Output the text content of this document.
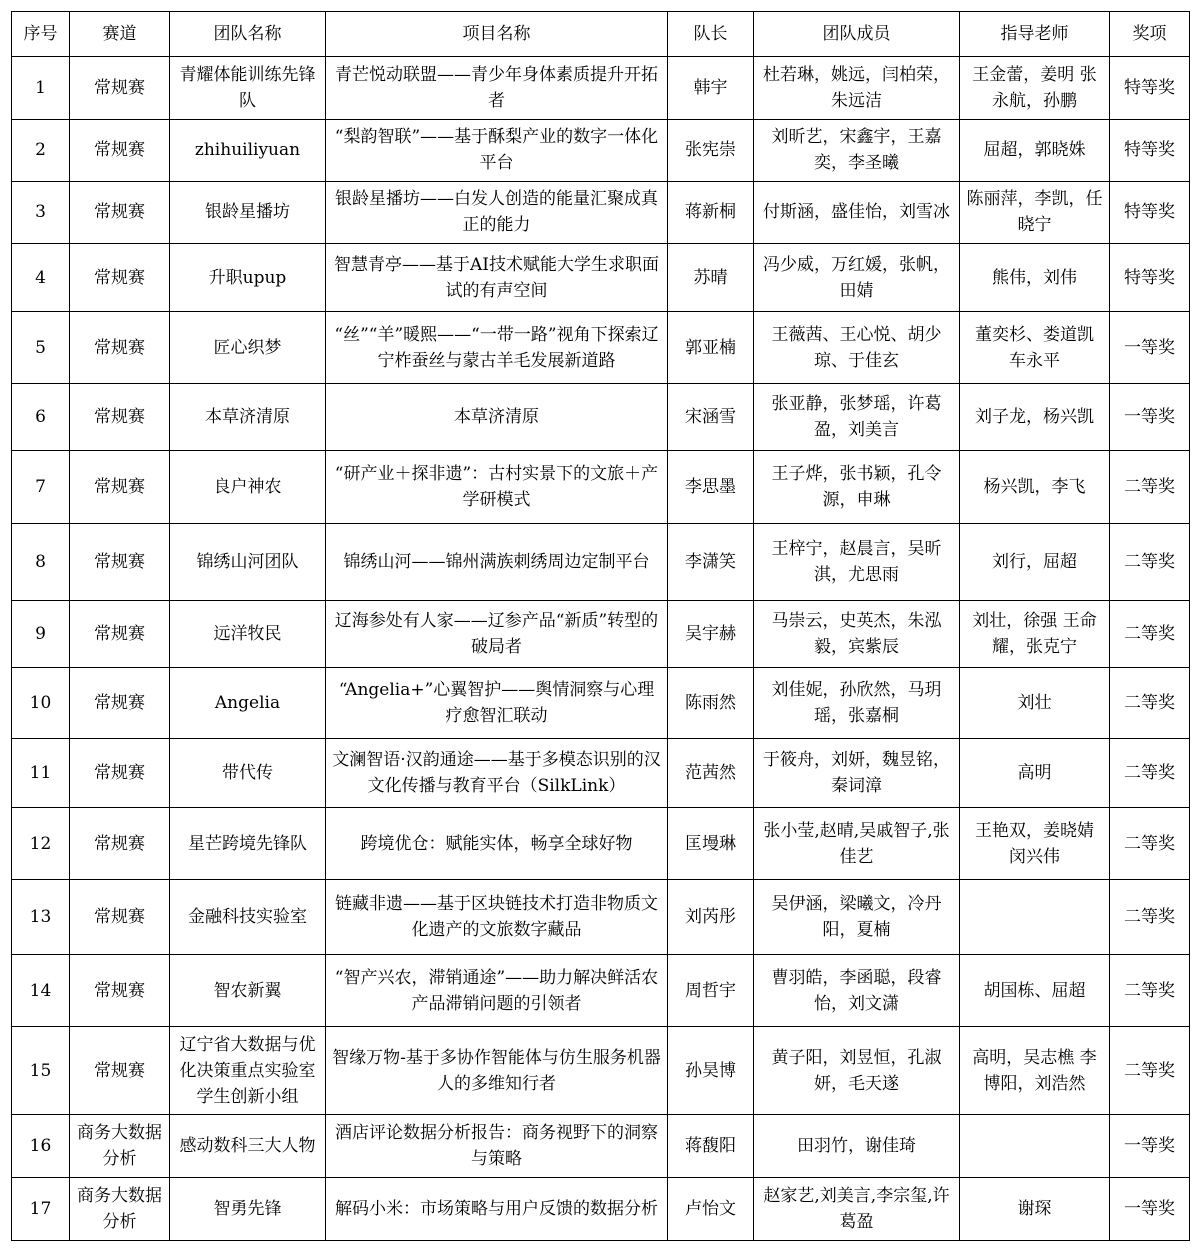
序号	赛道	团队名称	项目名称	队长	团队成员	指导老师	奖项
1	常规赛	青耀体能训练先锋队	青芒悦动联盟——青少年身体素质提升开拓者	韩宇	杜若琳，姚远，闫柏荣，朱远洁	王金蕾，姜明 张永航，孙鹏	特等奖
2	常规赛	zhihuiliyuan	“梨韵智联”——基于酥梨产业的数字一体化平台	张宪崇	刘昕艺，宋鑫宇，王嘉奕，李圣曦	屈超，郭晓姝	特等奖
3	常规赛	银龄星播坊	银龄星播坊——白发人创造的能量汇聚成真正的能力	蒋新桐	付斯涵，盛佳怡，刘雪冰	陈丽萍，李凯，任晓宁	特等奖
4	常规赛	升职upup	智慧青亭——基于AI技术赋能大学生求职面试的有声空间	苏晴	冯少威，万红媛，张帆，田婧	熊伟，刘伟	特等奖
5	常规赛	匠心织梦	“丝”“羊”暖熙——“一带一路”视角下探索辽宁柞蚕丝与蒙古羊毛发展新道路	郭亚楠	王薇茜、王心悦、胡少琼、于佳玄	董奕杉、娄道凯 车永平	一等奖
6	常规赛	本草济清原	本草济清原	宋涵雪	张亚静，张梦瑶，许葛盈，刘美言	刘子龙，杨兴凯	一等奖
7	常规赛	良户神农	“研产业＋探非遗”：古村实景下的文旅＋产学研模式	李思墨	王子烨，张书颖，孔令源，申琳	杨兴凯，李飞	二等奖
8	常规赛	锦绣山河团队	锦绣山河——锦州满族刺绣周边定制平台	李潇笑	王梓宁，赵晨言，吴昕淇，尤思雨	刘行，屈超	二等奖
9	常规赛	远洋牧民	辽海参处有人家——辽参产品“新质”转型的破局者	吴宇赫	马崇云，史英杰，朱泓毅，宾紫辰	刘壮，徐强 王命耀，张克宁	二等奖
10	常规赛	Angelia	“Angelia+”心翼智护——舆情洞察与心理疗愈智汇联动	陈雨然	刘佳妮，孙欣然，马玥瑶，张嘉桐	刘壮	二等奖
11	常规赛	带代传	文澜智语·汉韵通途——基于多模态识别的汉文化传播与教育平台（SilkLink）	范茜然	于筱舟，刘妍，魏昱铭，秦词漳	高明	二等奖
12	常规赛	星芒跨境先锋队	跨境优仓：赋能实体，畅享全球好物	匡墁琳	张小莹,赵晴,吴戚智子,张佳艺	王艳双，姜晓婧 闵兴伟	二等奖
13	常规赛	金融科技实验室	链藏非遗——基于区块链技术打造非物质文化遗产的文旅数字藏品	刘芮彤	吴伊涵，梁曦文，冷丹阳，夏楠		二等奖
14	常规赛	智农新翼	“智产兴农，滞销通途”——助力解决鲜活农产品滞销问题的引领者	周哲宇	曹羽皓，李函聪，段睿怡，刘文潇	胡国栋、屈超	二等奖
15	常规赛	辽宁省大数据与优化决策重点实验室学生创新小组	智缘万物-基于多协作智能体与仿生服务机器人的多维知行者	孙昊博	黄子阳，刘昱恒，孔淑妍，毛天遂	高明，吴志樵 李博阳，刘浩然	二等奖
16	商务大数据分析	感动数科三大人物	酒店评论数据分析报告：商务视野下的洞察与策略	蒋馥阳	田羽竹，谢佳琦		一等奖
17	商务大数据分析	智勇先锋	解码小米：市场策略与用户反馈的数据分析	卢怡文	赵家艺,刘美言,李宗玺,许葛盈	谢琛	一等奖
